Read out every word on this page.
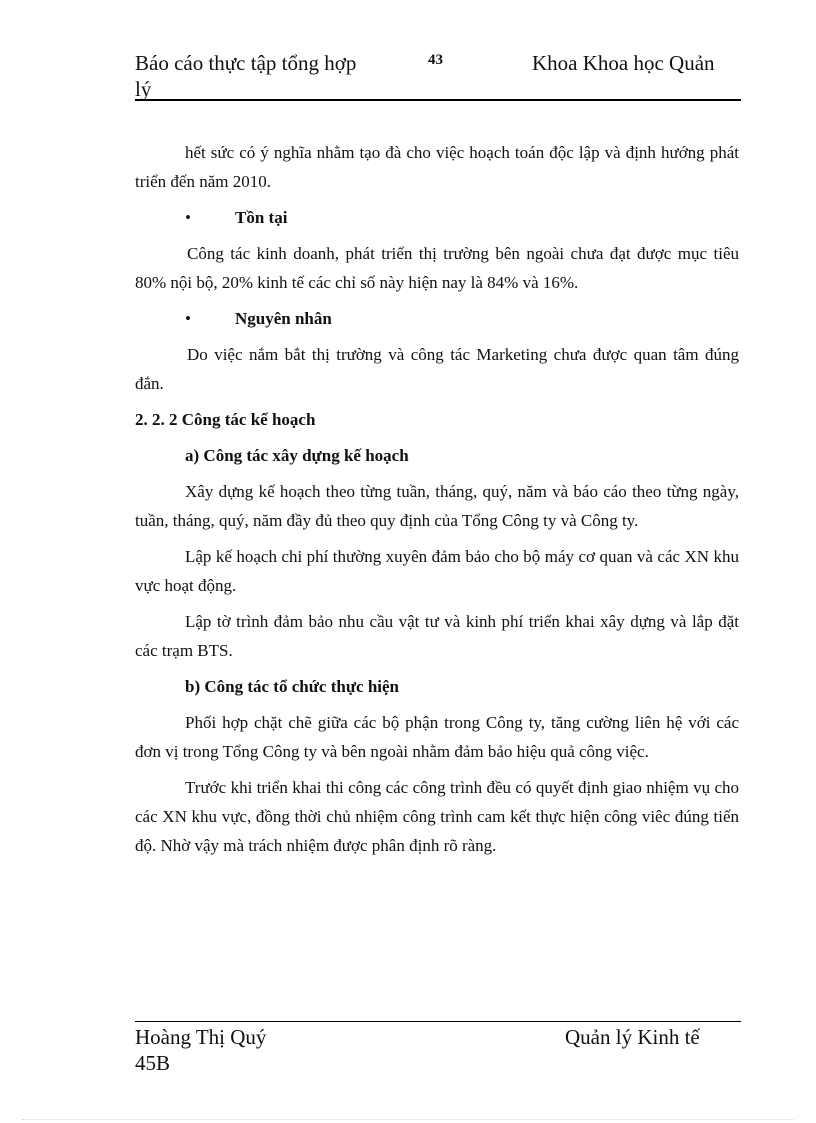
Báo cáo thực tập tổng hợp
lý
43	Khoa Khoa học Quản

hết sức có ý nghĩa nhằm tạo đà cho việc hoạch toán độc lập và định hướng phát triển đến năm 2010.

•	Tồn tại

Công tác kinh doanh, phát triển thị trường bên ngoài chưa đạt được mục tiêu 80% nội bộ, 20% kinh tế các chỉ số này hiện nay là 84% và 16%.

•	Nguyên nhân

Do việc nắm bắt thị trường và công tác Marketing chưa được quan tâm đúng đắn.

2. 2. 2 Công tác kế hoạch

a) Công tác xây dựng kế hoạch

Xây dựng kế hoạch theo từng tuần, tháng, quý, năm và báo cáo theo từng ngày, tuần, tháng, quý, năm đầy đủ theo quy định của Tổng Công ty và Công ty.

Lập kế hoạch chi phí thường xuyên đảm bảo cho bộ máy cơ quan và các XN khu vực hoạt động.

Lập tờ trình đảm bảo nhu cầu vật tư và kinh phí triển khai xây dựng và lắp đặt các trạm BTS.

b) Công tác tổ chức thực hiện

Phối hợp chặt chẽ giữa các bộ phận trong Công ty, tăng cường liên hệ với các đơn vị trong Tổng Công ty và bên ngoài nhằm đảm bảo hiệu quả công việc.

Trước khi triển khai thi công các công trình đều có quyết định giao nhiệm vụ cho các XN khu vực, đồng thời chủ nhiệm công trình cam kết thực hiện công viêc đúng tiến độ. Nhờ vậy mà trách nhiệm được phân định rõ ràng.

Hoàng Thị Quý
45B
Quản lý Kinh tế
